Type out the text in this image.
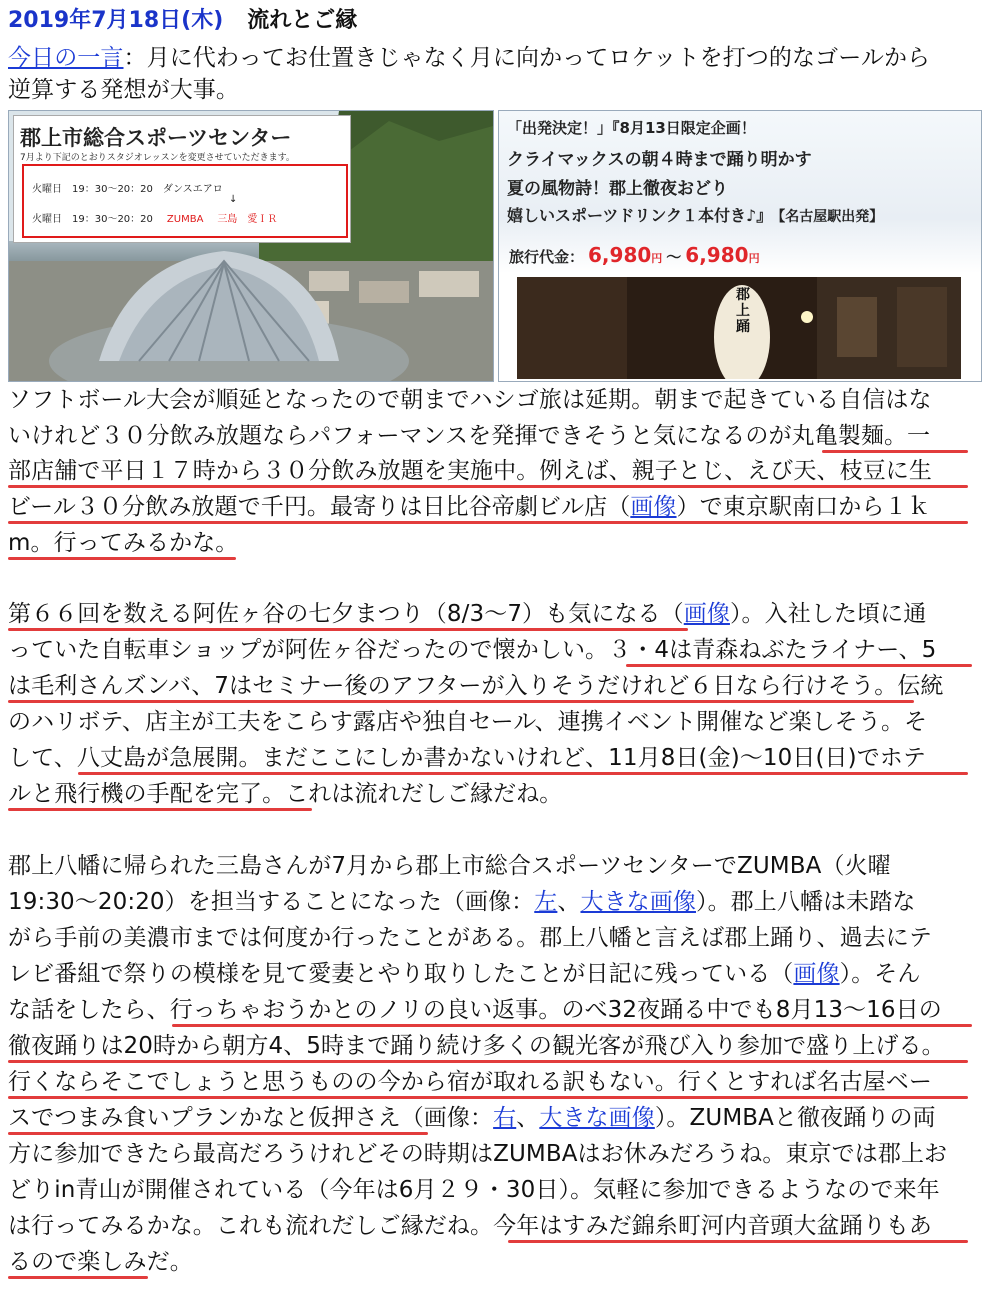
2019年7月18日(木) 流れとご縁
今日の一言：月に代わってお仕置きじゃなく月に向かってロケットを打つ的なゴールから
逆算する発想が大事。
郡上市総合スポーツセンター
7月より下記のとおりスタジオレッスンを変更させていただきます。
火曜日　19：30〜20：20　ダンスエアロ
↓
火曜日　19：30〜20：20 ZUMBA 三島　愛ＩＲ
「出発決定！」『8月13日限定企画！
クライマックスの朝４時まで踊り明かす
夏の風物詩！郡上徹夜おどり
嬉しいスポーツドリンク１本付き♪』 【名古屋駅出発】
旅行代金： 6,980円 ～ 6,980円
郡上踊
ソフトボール大会が順延となったので朝までハシゴ旅は延期。朝まで起きている自信はな
いけれど３０分飲み放題ならパフォーマンスを発揮できそうと気になるのが丸亀製麺。一
部店舗で平日１７時から３０分飲み放題を実施中。例えば、親子とじ、えび天、枝豆に生
ビール３０分飲み放題で千円。最寄りは日比谷帝劇ビル店（画像）で東京駅南口から１ｋ
m。行ってみるかな。
第６６回を数える阿佐ヶ谷の七夕まつり（8/3〜7）も気になる（画像）。入社した頃に通
っていた自転車ショップが阿佐ヶ谷だったので懐かしい。３・4は青森ねぶたライナー、5
は毛利さんズンバ、7はセミナー後のアフターが入りそうだけれど６日なら行けそう。伝統
のハリボテ、店主が工夫をこらす露店や独自セール、連携イベント開催など楽しそう。そ
して、八丈島が急展開。まだここにしか書かないけれど、11月8日(金)〜10日(日)でホテ
ルと飛行機の手配を完了。これは流れだしご縁だね。
郡上八幡に帰られた三島さんが7月から郡上市総合スポーツセンターでZUMBA（火曜
19:30〜20:20）を担当することになった（画像：左、大きな画像）。郡上八幡は未踏な
がら手前の美濃市までは何度か行ったことがある。郡上八幡と言えば郡上踊り、過去にテ
レビ番組で祭りの模様を見て愛妻とやり取りしたことが日記に残っている（画像）。そん
な話をしたら、行っちゃおうかとのノリの良い返事。のべ32夜踊る中でも8月13〜16日の
徹夜踊りは20時から朝方4、5時まで踊り続け多くの観光客が飛び入り参加で盛り上げる。
行くならそこでしょうと思うものの今から宿が取れる訳もない。行くとすれば名古屋ベー
スでつまみ食いプランかなと仮押さえ（画像：右、大きな画像）。ZUMBAと徹夜踊りの両
方に参加できたら最高だろうけれどその時期はZUMBAはお休みだろうね。東京では郡上お
どりin青山が開催されている（今年は6月２９・30日）。気軽に参加できるようなので来年
は行ってみるかな。これも流れだしご縁だね。今年はすみだ錦糸町河内音頭大盆踊りもあ
るので楽しみだ。
